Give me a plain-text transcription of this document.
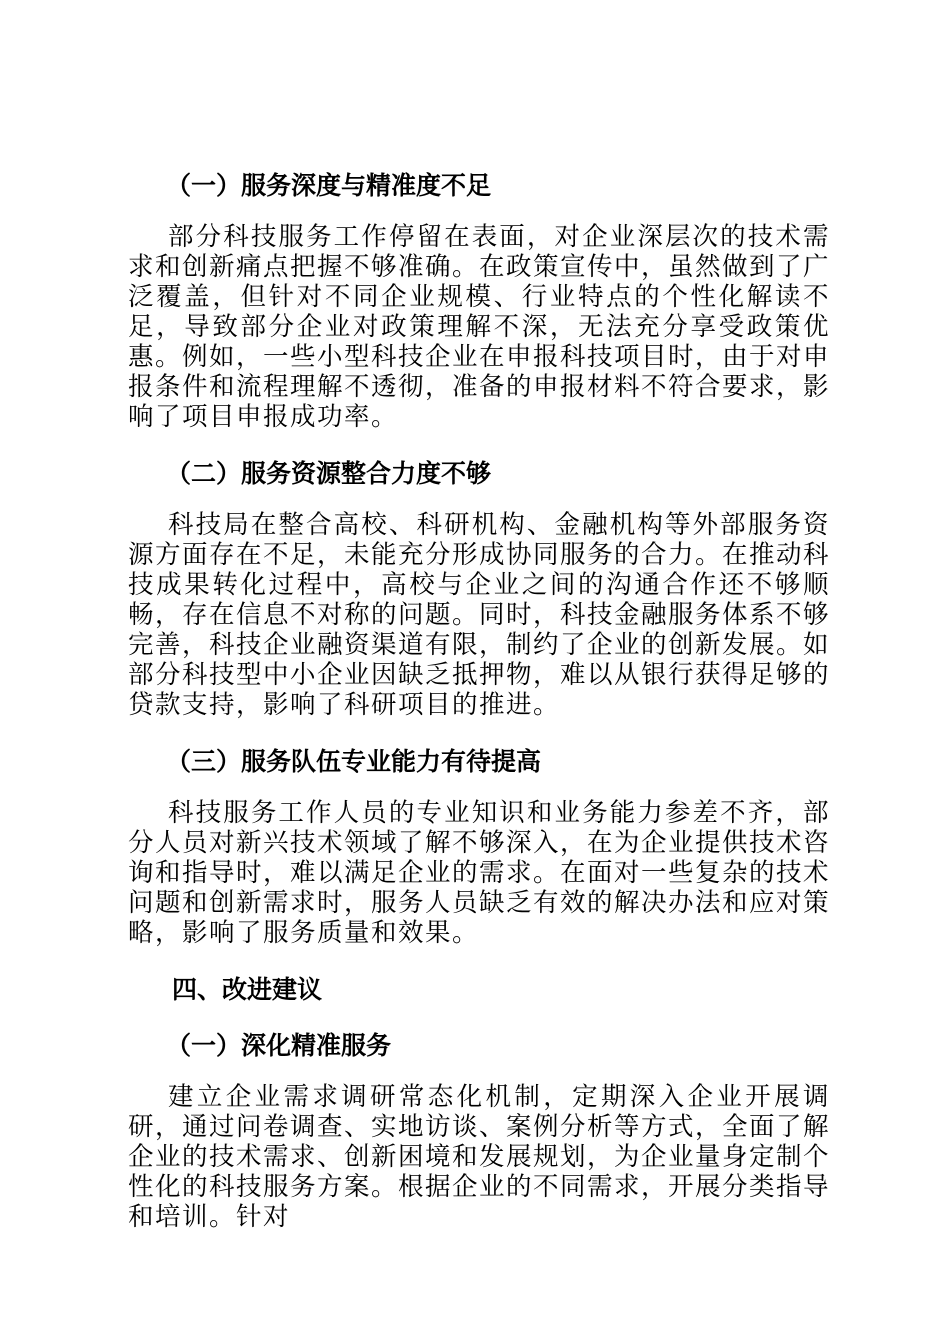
（一）服务深度与精准度不足

部分科技服务工作停留在表面，对企业深层次的技术需求和创新痛点把握不够准确。在政策宣传中，虽然做到了广泛覆盖，但针对不同企业规模、行业特点的个性化解读不足，导致部分企业对政策理解不深，无法充分享受政策优惠。例如，一些小型科技企业在申报科技项目时，由于对申报条件和流程理解不透彻，准备的申报材料不符合要求，影响了项目申报成功率。

（二）服务资源整合力度不够

科技局在整合高校、科研机构、金融机构等外部服务资源方面存在不足，未能充分形成协同服务的合力。在推动科技成果转化过程中，高校与企业之间的沟通合作还不够顺畅，存在信息不对称的问题。同时，科技金融服务体系不够完善，科技企业融资渠道有限，制约了企业的创新发展。如部分科技型中小企业因缺乏抵押物，难以从银行获得足够的贷款支持，影响了科研项目的推进。

（三）服务队伍专业能力有待提高

科技服务工作人员的专业知识和业务能力参差不齐，部分人员对新兴技术领域了解不够深入，在为企业提供技术咨询和指导时，难以满足企业的需求。在面对一些复杂的技术问题和创新需求时，服务人员缺乏有效的解决办法和应对策略，影响了服务质量和效果。

四、改进建议
（一）深化精准服务

建立企业需求调研常态化机制，定期深入企业开展调研，通过问卷调查、实地访谈、案例分析等方式，全面了解企业的技术需求、创新困境和发展规划，为企业量身定制个性化的科技服务方案。根据企业的不同需求，开展分类指导和培训。针对
